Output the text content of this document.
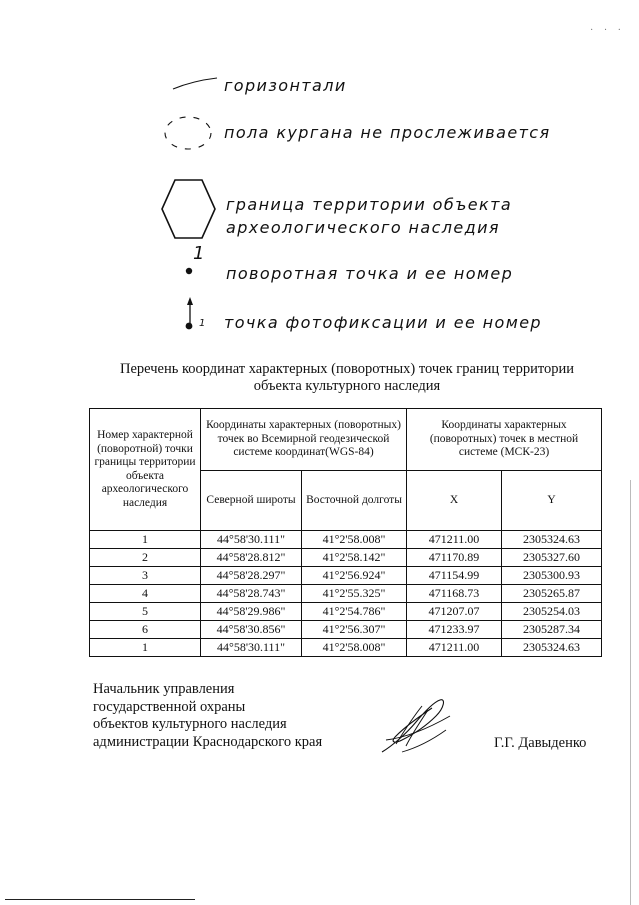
горизонтали
пола кургана не прослеживается
граница территории объекта
археологического наследия
1
поворотная точка и ее номер
1 точка фотофиксации и ее номер
Перечень координат характерных (поворотных) точек границ территории
объекта культурного наследия
Номер характерной (поворотной) точки границы территории объекта археологического наследия	Координаты характерных (поворотных) точек во Всемирной геодезической системе координат(WGS-84)		Координаты характерных (поворотных) точек в местной системе (МСК-23)	
	Северной широты	Восточной долготы	X	Y
1	44°58'30.111"	41°2'58.008"	471211.00	2305324.63
2	44°58'28.812"	41°2'58.142"	471170.89	2305327.60
3	44°58'28.297"	41°2'56.924"	471154.99	2305300.93
4	44°58'28.743"	41°2'55.325"	471168.73	2305265.87
5	44°58'29.986"	41°2'54.786"	471207.07	2305254.03
6	44°58'30.856"	41°2'56.307"	471233.97	2305287.34
1	44°58'30.111"	41°2'58.008"	471211.00	2305324.63
Начальник управления
государственной охраны
объектов культурного наследия
администрации Краснодарского края	Г.Г. Давыденко
· · ·
